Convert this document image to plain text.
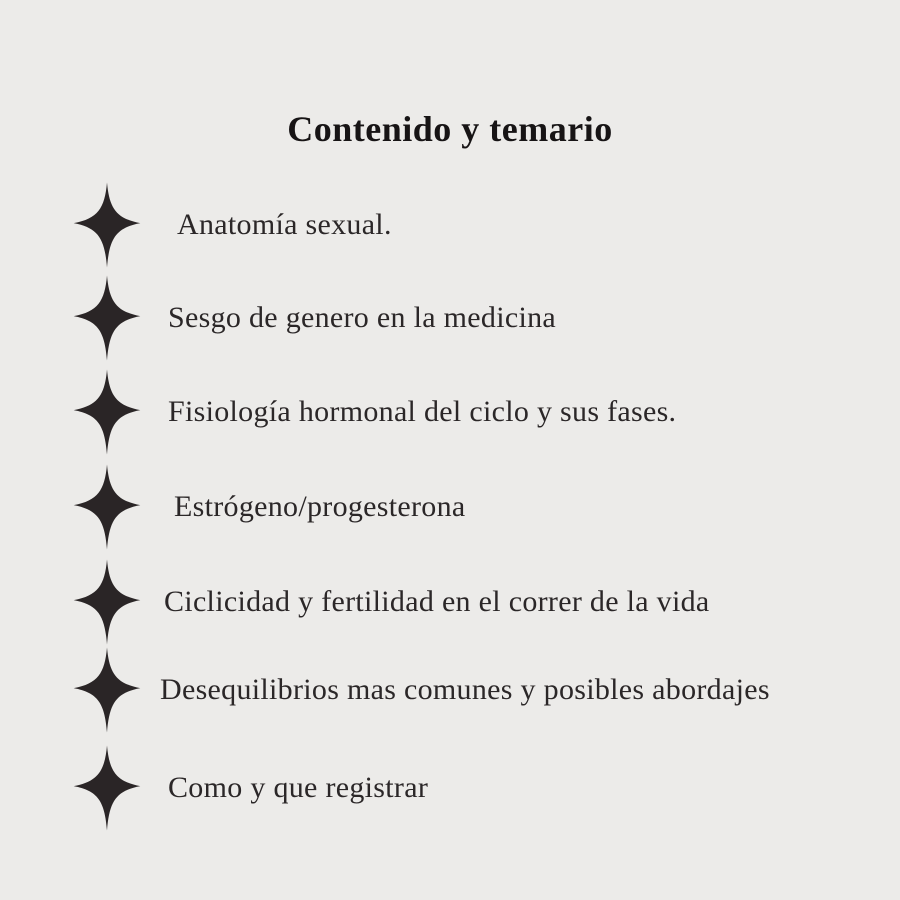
Contenido y temario
Anatomía sexual.
Sesgo de genero en la medicina
Fisiología hormonal del ciclo y sus fases.
Estrógeno/progesterona
Ciclicidad y fertilidad en el correr de la vida
Desequilibrios mas comunes y posibles abordajes
Como y que registrar
